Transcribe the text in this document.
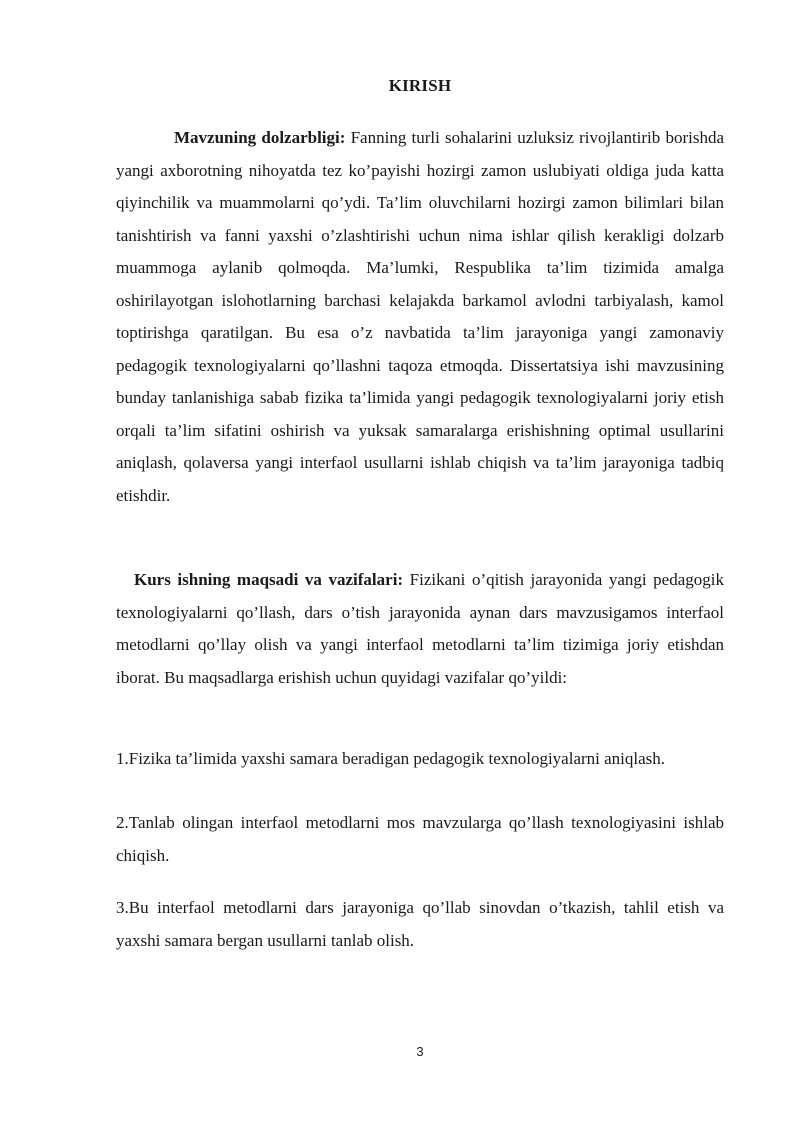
KIRISH

Mavzuning dolzarbligi: Fanning turli sohalarini uzluksiz rivojlantirib borishda yangi axborotning nihoyatda tez ko’payishi hozirgi zamon uslubiyati oldiga juda katta qiyinchilik va muammolarni qo’ydi. Ta’lim oluvchilarni hozirgi zamon bilimlari bilan tanishtirish va fanni yaxshi o’zlashtirishi uchun nima ishlar qilish kerakligi dolzarb muammoga aylanib qolmoqda. Ma’lumki, Respublika ta’lim tizimida amalga oshirilayotgan islohotlarning barchasi kelajakda barkamol avlodni tarbiyalash, kamol toptirishga qaratilgan. Bu esa o’z navbatida ta’lim jarayoniga yangi zamonaviy pedagogik texnologiyalarni qo’llashni taqoza etmoqda. Dissertatsiya ishi mavzusining bunday tanlanishiga sabab fizika ta’limida yangi pedagogik texnologiyalarni joriy etish orqali ta’lim sifatini oshirish va yuksak samaralarga erishishning optimal usullarini aniqlash, qolaversa yangi interfaol usullarni ishlab chiqish va ta’lim jarayoniga tadbiq etishdir.

Kurs ishning maqsadi va vazifalari: Fizikani o’qitish jarayonida yangi pedagogik texnologiyalarni qo’llash, dars o’tish jarayonida aynan dars mavzusigamos interfaol metodlarni qo’llay olish va yangi interfaol metodlarni ta’lim tizimiga joriy etishdan iborat. Bu maqsadlarga erishish uchun quyidagi vazifalar qo’yildi:

1.Fizika ta’limida yaxshi samara beradigan pedagogik texnologiyalarni aniqlash.

2.Tanlab olingan interfaol metodlarni mos mavzularga qo’llash texnologiyasini ishlab chiqish.

3.Bu interfaol metodlarni dars jarayoniga qo’llab sinovdan o’tkazish, tahlil etish va yaxshi samara bergan usullarni tanlab olish.

3
